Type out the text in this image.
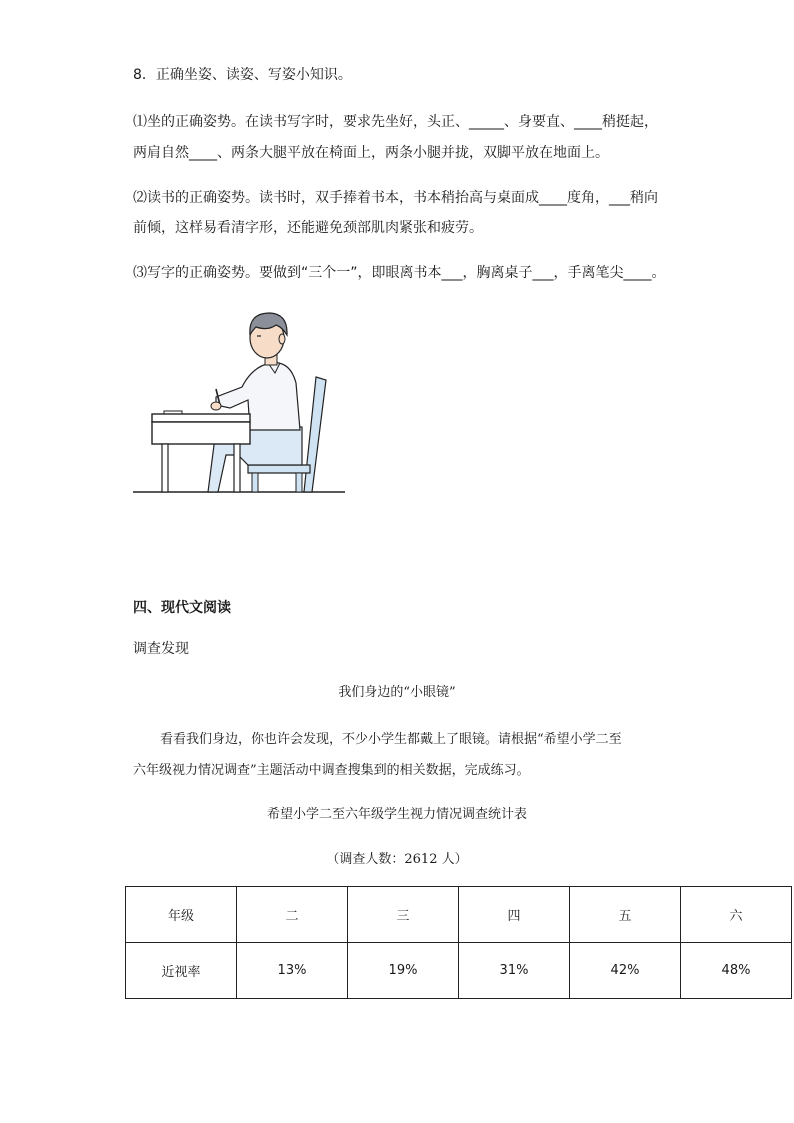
8．正确坐姿、读姿、写姿小知识。
⑴坐的正确姿势。在读书写字时，要求先坐好，头正、_____、身要直、____稍挺起，
两肩自然____、两条大腿平放在椅面上，两条小腿并拢，双脚平放在地面上。
⑵读书的正确姿势。读书时，双手捧着书本，书本稍抬高与桌面成____度角，___稍向
前倾，这样易看清字形，还能避免颈部肌肉紧张和疲劳。
⑶写字的正确姿势。要做到“三个一”，即眼离书本___，胸离桌子___，手离笔尖____。
四、现代文阅读
调查发现
我们身边的“小眼镜”
看看我们身边，你也许会发现，不少小学生都戴上了眼镜。请根据“希望小学二至
六年级视力情况调查”主题活动中调查搜集到的相关数据，完成练习。
希望小学二至六年级学生视力情况调查统计表
（调查人数：2612 人）
年级	二	三	四	五	六
近视率	13%	19%	31%	42%	48%
